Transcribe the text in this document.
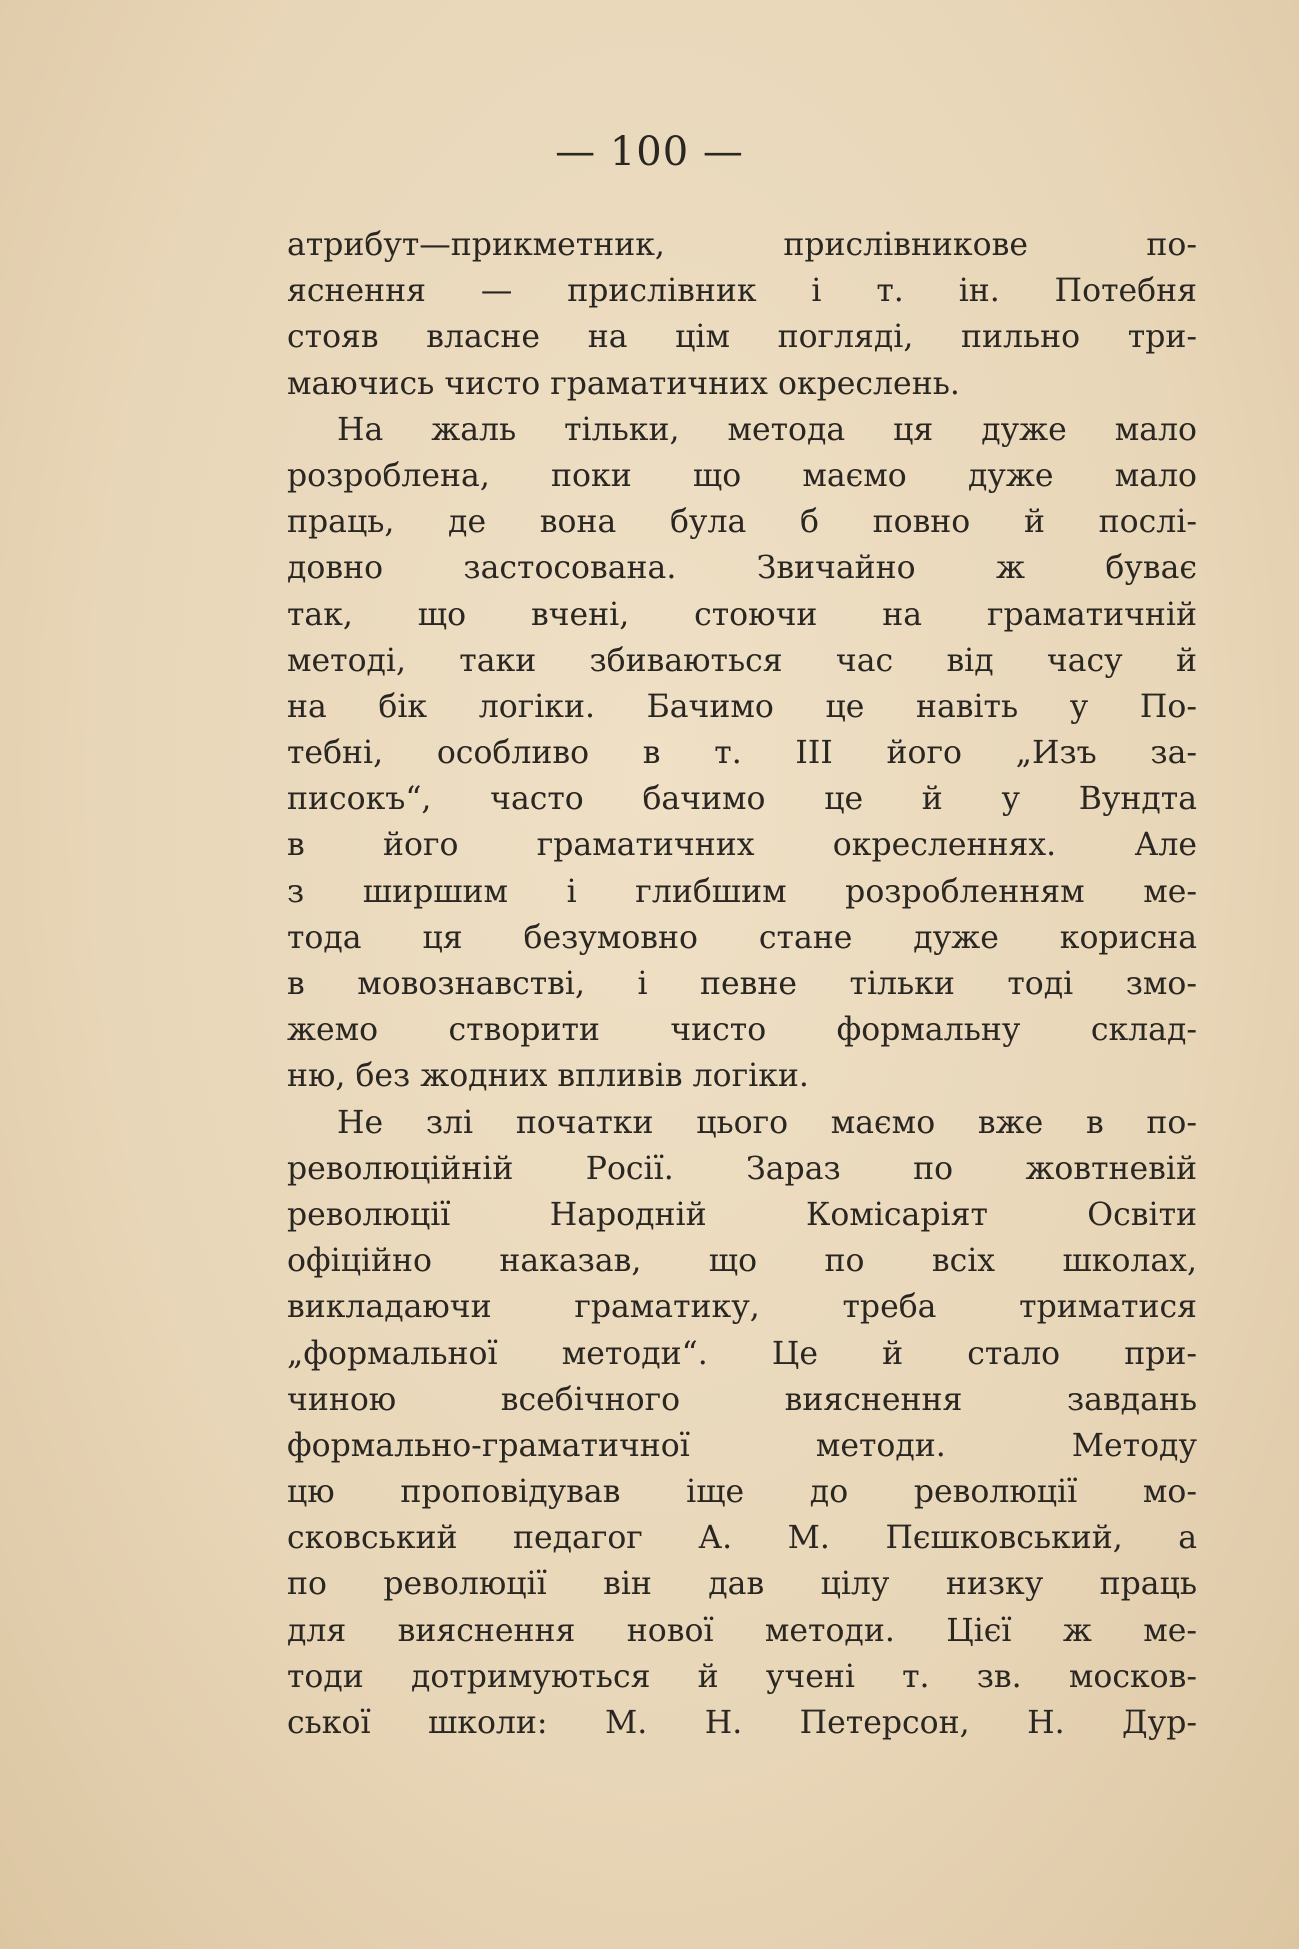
— 100 —
атрибут—прикметник, прислівникове по-
яснення — прислівник і т. ін. Потебня
стояв власне на цім погляді, пильно три-
маючись чисто граматичних окреслень.
На жаль тільки, метода ця дуже мало
розроблена, поки що маємо дуже мало
праць, де вона була б повно й послі-
довно застосована. Звичайно ж буває
так, що вчені, стоючи на граматичній
методі, таки збиваються час від часу й
на бік логіки. Бачимо це навіть у По-
тебні, особливо в т. III його „Изъ за-
писокъ“, часто бачимо це й у Вундта
в його граматичних окресленнях. Але
з ширшим і глибшим розробленням ме-
тода ця безумовно стане дуже корисна
в мовознавстві, і певне тільки тоді змо-
жемо створити чисто формальну склад-
ню, без жодних впливів логіки.
Не злі початки цього маємо вже в по-
революційній Росії. Зараз по жовтневій
революції Народній Комісаріят Освіти
офіційно наказав, що по всіх школах,
викладаючи граматику, треба триматися
„формальної методи“. Це й стало при-
чиною всебічного вияснення завдань
формально-граматичної методи. Методу
цю проповідував іще до революції мо-
сковський педагог А. М. Пєшковський, а
по революції він дав цілу низку праць
для вияснення нової методи. Цієї ж ме-
тоди дотримуються й учені т. зв. москов-
ської школи: М. Н. Петерсон, Н. Дур-
